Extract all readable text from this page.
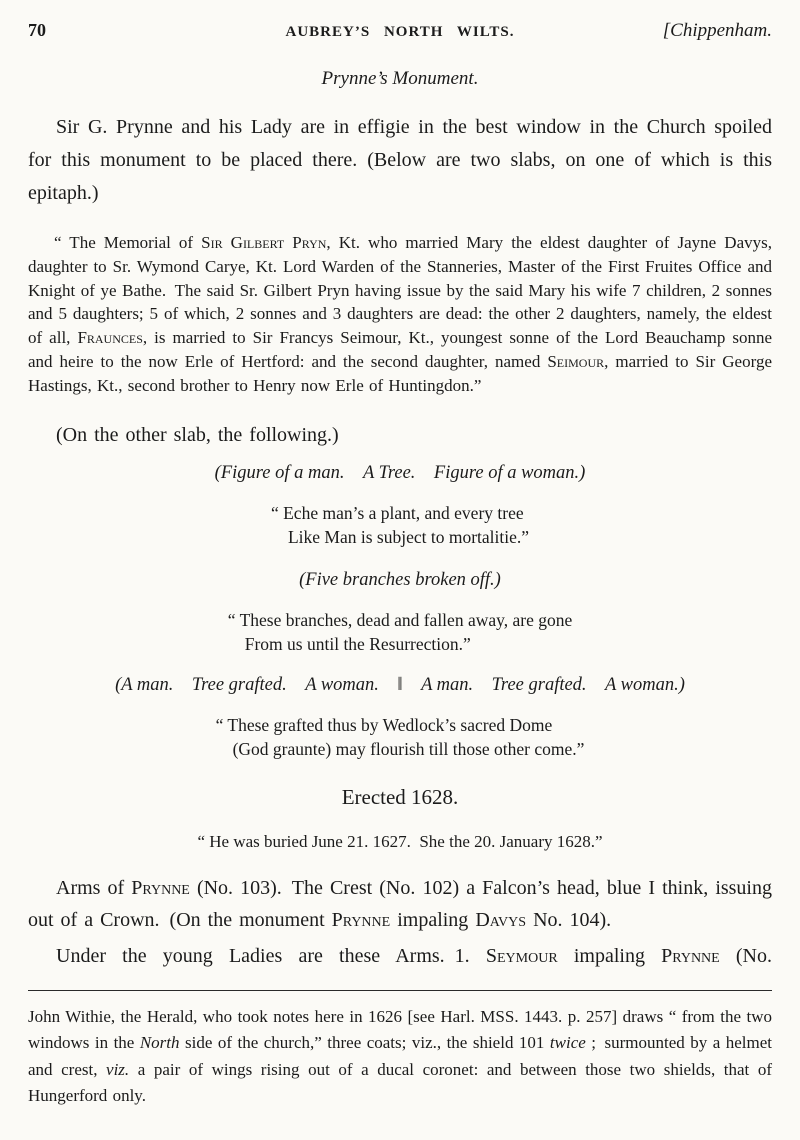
70	AUBREY’S NORTH WILTS.	[Chippenham.
Prynne’s Monument.

Sir G. Prynne and his Lady are in effigie in the best window in the Church spoiled for this monument to be placed there. (Below are two slabs, on one of which is this epitaph.)

“ The Memorial of Sir Gilbert Pryn, Kt. who married Mary the eldest daughter of Jayne Davys, daughter to Sr. Wymond Carye, Kt. Lord Warden of the Stanneries, Master of the First Fruites Office and Knight of ye Bathe. The said Sr. Gilbert Pryn having issue by the said Mary his wife 7 children, 2 sonnes and 5 daughters; 5 of which, 2 sonnes and 3 daughters are dead: the other 2 daughters, namely, the eldest of all, Fraunces, is married to Sir Francys Seimour, Kt., youngest sonne of the Lord Beauchamp sonne and heire to the now Erle of Hertford: and the second daughter, named Seimour, married to Sir George Hastings, Kt., second brother to Henry now Erle of Huntingdon.”

(On the other slab, the following.)

(Figure of a man. A Tree. Figure of a woman.)

“ Eche man’s a plant, and every tree
Like Man is subject to mortalitie.”

(Five branches broken off.)

“ These branches, dead and fallen away, are gone
From us until the Resurrection.”

(A man. Tree grafted. A woman. ‖ A man. Tree grafted. A woman.)

“ These grafted thus by Wedlock’s sacred Dome
(God graunte) may flourish till those other come.”

Erected 1628.

“ He was buried June 21. 1627. She the 20. January 1628.”

Arms of Prynne (No. 103). The Crest (No. 102) a Falcon’s head, blue I think, issuing out of a Crown. (On the monument Prynne impaling Davys No. 104).

Under the young Ladies are these Arms. 1. Seymour impaling Prynne (No.

John Withie, the Herald, who took notes here in 1626 [see Harl. MSS. 1443. p. 257] draws “ from the two windows in the North side of the church,” three coats; viz., the shield 101 twice ; surmounted by a helmet and crest, viz. a pair of wings rising out of a ducal coronet: and between those two shields, that of Hungerford only.
